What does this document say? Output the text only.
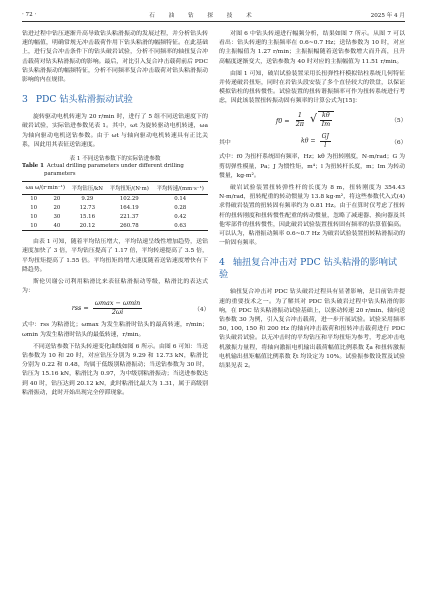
· 72 ·	石 油 钻 探 技 术	2025 年 4 月

钻进过程中钻压逐渐升高导致钻头粘滑振动的发展过程，并分析钻头转速的幅值，明确常规无冲击载荷作用下钻头粘滑的幅频特征。在此基础上，进行复合冲击条件下的钻头破岩试验，分析不同频率的轴扭复合冲击载荷对钻头粘滑振动的影响。最后，对比引入复合冲击载荷前后 PDC 钻头粘滑振动的幅频特征，分析不同频率复合冲击载荷对钻头粘滑振动影响的内在规律。

3 PDC 钻头粘滑振动试验

旋转驱动电机转速为 20 r/min 时，进行了 5 组不同送钻速度下的破岩试验，实际钻进参数见表 1。其中，ωt 为旋转驱动电机转速，ωa 为轴向驱动电机送钻参数。由于 ωt 与轴向驱动电机转速具有正比关系，因此用其表征送钻速度。

表 1 不同送钻参数下的实际钻进参数
Table 1 Actual drilling parameters under different drilling parameters
ωa ω/(r·min⁻¹)		平均钻压/kN	平均扭矩/(N·m)	平均转速/(mm·s⁻¹)
10	20	9.29	102.29	0.14
10	20	12.73	164.19	0.28
10	30	15.16	221.37	0.42
10	40	20.12	260.78	0.63

由表 1 可知，随着平均钻压增大，平均钻速呈线性增加趋势，送钻速度加快了 3 倍，平均钻压提高了 1.17 倍，平均转速提高了 3.5 倍，平均扭矩提高了 1.55 倍。平均扭矩的增大速度随着送钻速度增快有下降趋势。

斯伦贝谢公司利用粘滑比来表征粘滑振动等级，粘滑比的表达式为：

rss = $\frac{\omega\max - \omega\min}{2\omega i}$	（4）

式中：rss 为粘滑比；ωmax 为发生粘滑时钻头的最高转速，r/min；ωmin 为发生粘滑时钻头的最低转速，r/min。

不同送钻参数下钻头转速变化曲线如图 6 所示。由图 6 可知：当送钻参数为 10 和 20 时，对应钻压分别为 9.29 和 12.73 kN，粘滑比分别为 0.22 和 0.48，均属于低级别粘滑振动；当送钻参数为 30 时，钻压为 15.16 kN，粘滑比为 0.97，为中级别粘滑振动；当送进参数达到 40 时，钻压达到 20.12 kN，此时粘滑比最大为 1.31，属于高级别粘滑振动，此时开始出现完全停滞现象。

对图 6 中钻头转速进行幅频分析，结果如图 7 所示。从图 7 可以看出：钻头转速的主振频率在 0.6~0.7 Hz；送钻参数为 10 时，对应的主振幅值为 1.27 r/min；主振振幅随着送钻参数增大而升高，且升高幅度逐渐变大，送钻参数为 40 时对应的主振幅值为 11.51 r/min。

由图 1 可知，破岩试验装置采用长扭弹性杆模拟钻柱系统几何特征并传递破岩扭矩，同时在岩钻头段安装了多个直径较大的铁盘，以保证模拟钻柱的扭转惯性。试验装置的扭转谐振频率可作为扭转系统进行考虑，因此该装置扭转振动固有频率的计算公式为[15]：

$f0 = \frac{1}{2\pi}$
√ $\frac{k\theta}{Im}$	（5）
其中	$k\theta = \frac{GJ}{l}$	（6）

式中：f0 为扭杆系统固有频率，Hz；kθ 为扭转刚度，N·m/rad；G 为剪切弹性模量，Pa；J 为惯性矩，m⁴；l 为扭转杆长度，m；Im 为转动惯量，kg·m²。

破岩试验装置扭转弹性杆的长度为 8 m，扭转刚度为 354.43 N·m/rad，扭转配重的转动惯量为 13.8 kg·m²，将这些参数代入式(4)求得破岩装置的扭转固有频率约为 0.81 Hz。由于在算时仅考虑了扭转杆的扭转刚度和扭转惯性配重的转动惯量，忽略了减速器、换向器及其他零部件的扭转惯性，因此破岩试验装置扭转固有频率的估算值偏高。可以认为，粘滑振动频率 0.6~0.7 Hz 为破岩试验装置扭转粘滑振动的一阶固有频率。

4 轴扭复合冲击对 PDC 钻头粘滑的影响试验

轴扭复合冲击对 PDC 钻头破岩过程具有显著影响，是目前钻井提速的重要技术之一。为了解其对 PDC 钻头破岩过程中钻头粘滑的影响，在 PDC 钻头粘滑振动试验基础上，以驱动转速 20 r/min、轴向送钻参数 30 为例，引入复合冲击载荷，进一步开展试验。试验采用频率 50, 100, 150 和 200 Hz 的轴向冲击载荷和扭转冲击载荷进行 PDC 钻头破岩试验。以无冲击时的平均钻压和平均扭矩为参考，考虑冲击电机激振力量程，将轴向激振电机输出载荷幅值比例系数 ξa 和扭转激振电机输出扭矩幅值比例系数 ξt 均设定为 10%。试验振参数设置及试验结果见表 2。
